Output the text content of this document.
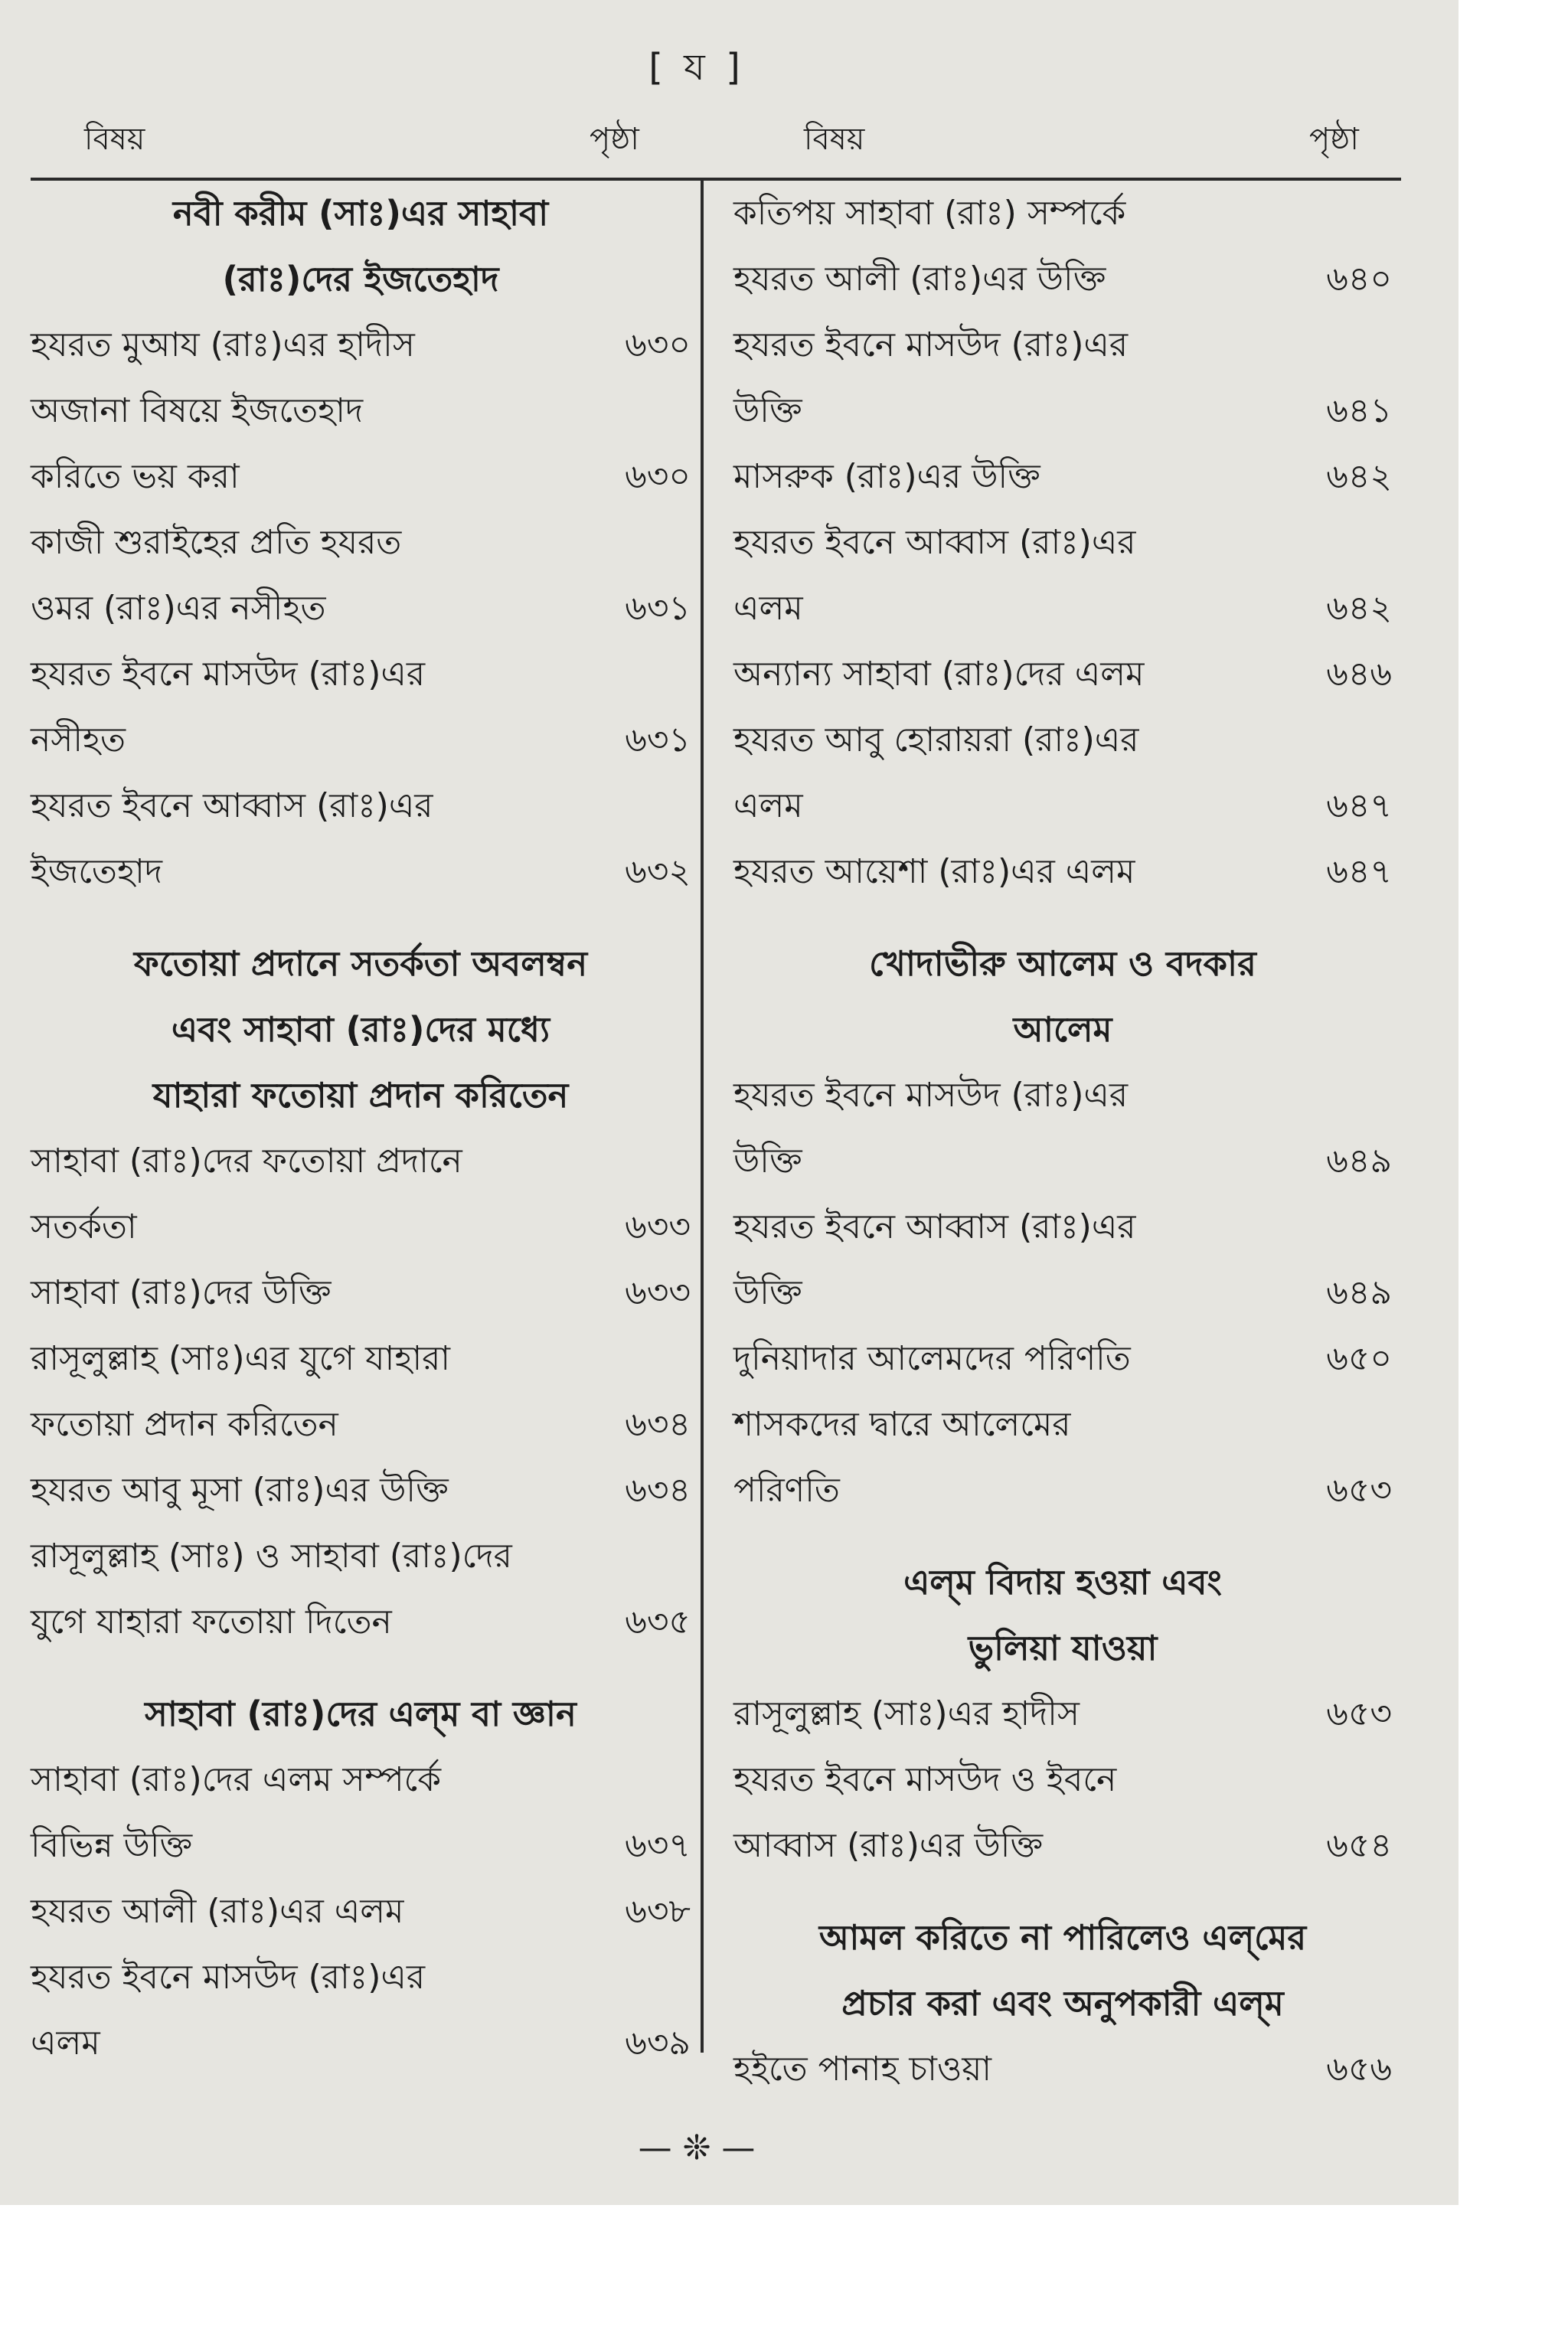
[ য ]
বিষয়	পৃষ্ঠা	বিষয়	পৃষ্ঠা
নবী করীম (সাঃ)এর সাহাবা
(রাঃ)দের ইজতেহাদ
হযরত মুআয (রাঃ)এর হাদীস	৬৩০
অজানা বিষয়ে ইজতেহাদ
করিতে ভয় করা	৬৩০
কাজী শুরাইহের প্রতি হযরত
ওমর (রাঃ)এর নসীহত	৬৩১
হযরত ইবনে মাসউদ (রাঃ)এর
নসীহত	৬৩১
হযরত ইবনে আব্বাস (রাঃ)এর
ইজতেহাদ	৬৩২
ফতোয়া প্রদানে সতর্কতা অবলম্বন
এবং সাহাবা (রাঃ)দের মধ্যে
যাহারা ফতোয়া প্রদান করিতেন
সাহাবা (রাঃ)দের ফতোয়া প্রদানে
সতর্কতা	৬৩৩
সাহাবা (রাঃ)দের উক্তি	৬৩৩
রাসূলুল্লাহ (সাঃ)এর যুগে যাহারা
ফতোয়া প্রদান করিতেন	৬৩৪
হযরত আবু মূসা (রাঃ)এর উক্তি	৬৩৪
রাসূলুল্লাহ (সাঃ) ও সাহাবা (রাঃ)দের
যুগে যাহারা ফতোয়া দিতেন	৬৩৫
সাহাবা (রাঃ)দের এল্‌ম বা জ্ঞান
সাহাবা (রাঃ)দের এলম সম্পর্কে
বিভিন্ন উক্তি	৬৩৭
হযরত আলী (রাঃ)এর এলম	৬৩৮
হযরত ইবনে মাসউদ (রাঃ)এর
এলম	৬৩৯
কতিপয় সাহাবা (রাঃ) সম্পর্কে
হযরত আলী (রাঃ)এর উক্তি	৬৪০
হযরত ইবনে মাসউদ (রাঃ)এর
উক্তি	৬৪১
মাসরুক (রাঃ)এর উক্তি	৬৪২
হযরত ইবনে আব্বাস (রাঃ)এর
এলম	৬৪২
অন্যান্য সাহাবা (রাঃ)দের এলম	৬৪৬
হযরত আবু হোরায়রা (রাঃ)এর
এলম	৬৪৭
হযরত আয়েশা (রাঃ)এর এলম	৬৪৭
খোদাভীরু আলেম ও বদকার
আলেম
হযরত ইবনে মাসউদ (রাঃ)এর
উক্তি	৬৪৯
হযরত ইবনে আব্বাস (রাঃ)এর
উক্তি	৬৪৯
দুনিয়াদার আলেমদের পরিণতি	৬৫০
শাসকদের দ্বারে আলেমের
পরিণতি	৬৫৩
এল্‌ম বিদায় হওয়া এবং
ভুলিয়া যাওয়া
রাসূলুল্লাহ (সাঃ)এর হাদীস	৬৫৩
হযরত ইবনে মাসউদ ও ইবনে
আব্বাস (রাঃ)এর উক্তি	৬৫৪
আমল করিতে না পারিলেও এল্‌মের
প্রচার করা এবং অনুপকারী এল্‌ম
হইতে পানাহ চাওয়া	৬৫৬
— ❊ —
